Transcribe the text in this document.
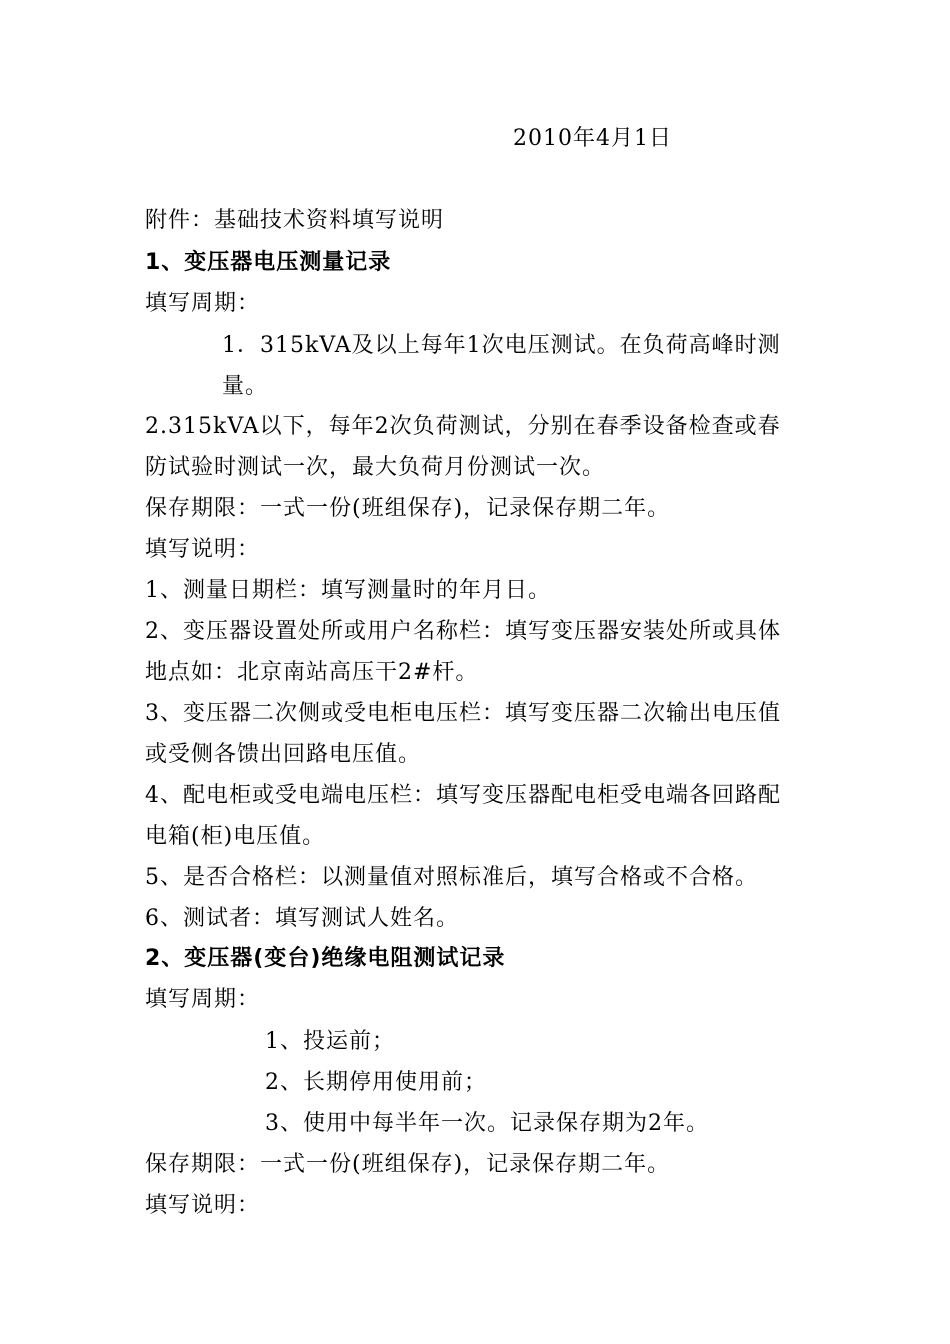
2010年4月1日
附件：基础技术资料填写说明
1、变压器电压测量记录
填写周期：
1．315kVA及以上每年1次电压测试。在负荷高峰时测
量。
2.315kVA以下，每年2次负荷测试，分别在春季设备检查或春
防试验时测试一次，最大负荷月份测试一次。
保存期限：一式一份(班组保存)，记录保存期二年。
填写说明：
1、测量日期栏：填写测量时的年月日。
2、变压器设置处所或用户名称栏：填写变压器安装处所或具体
地点如：北京南站高压干2#杆。
3、变压器二次侧或受电柜电压栏：填写变压器二次输出电压值
或受侧各馈出回路电压值。
4、配电柜或受电端电压栏：填写变压器配电柜受电端各回路配
电箱(柜)电压值。
5、是否合格栏：以测量值对照标准后，填写合格或不合格。
6、测试者：填写测试人姓名。
2、变压器(变台)绝缘电阻测试记录
填写周期：
1、投运前；
2、长期停用使用前；
3、使用中每半年一次。记录保存期为2年。
保存期限：一式一份(班组保存)，记录保存期二年。
填写说明：
